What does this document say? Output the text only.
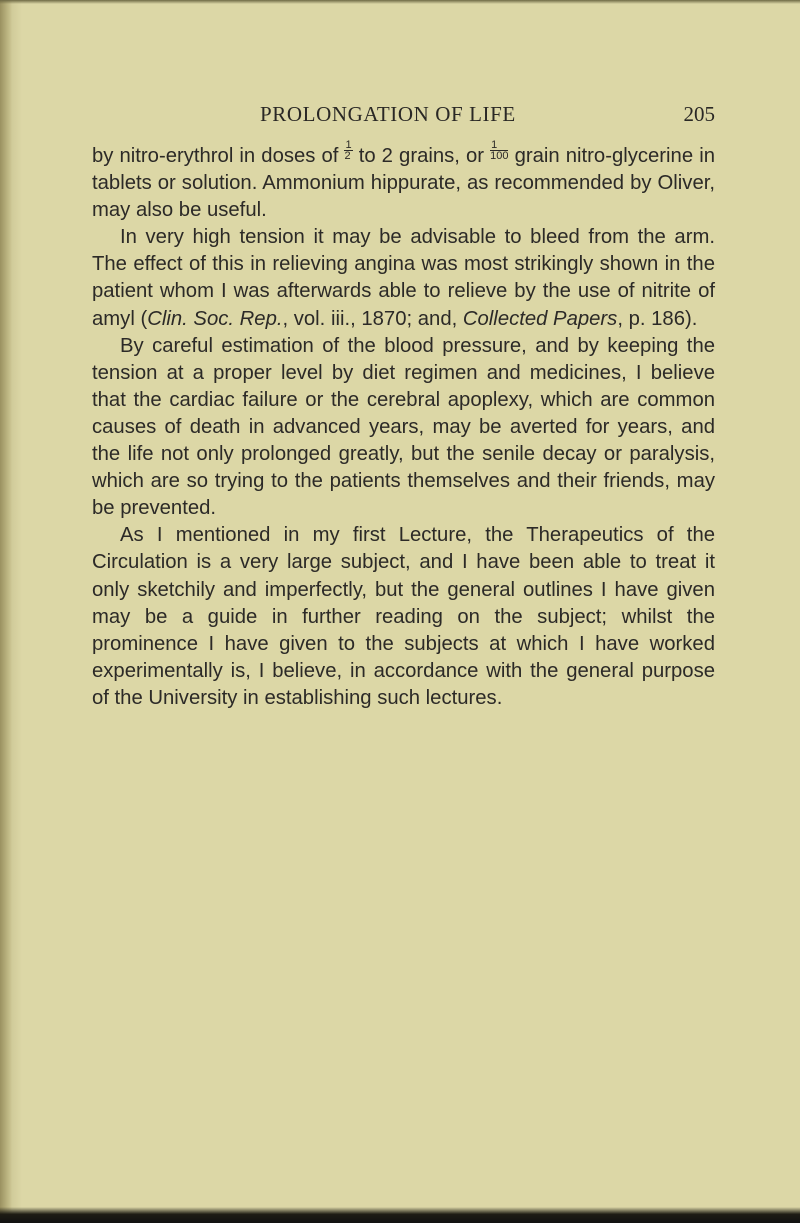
PROLONGATION OF LIFE	205

by nitro-erythrol in doses of $\frac{1}{2}$ to 2 grains, or $\frac{1}{100}$ grain nitro-glycerine in tablets or solution. Ammonium hippurate, as recommended by Oliver, may also be useful.

In very high tension it may be advisable to bleed from the arm. The effect of this in relieving angina was most strikingly shown in the patient whom I was afterwards able to relieve by the use of nitrite of amyl (Clin. Soc. Rep., vol. iii., 1870; and, Collected Papers, p. 186).

By careful estimation of the blood pressure, and by keeping the tension at a proper level by diet regimen and medicines, I believe that the cardiac failure or the cerebral apoplexy, which are common causes of death in advanced years, may be averted for years, and the life not only prolonged greatly, but the senile decay or paralysis, which are so trying to the patients themselves and their friends, may be prevented.

As I mentioned in my first Lecture, the Therapeutics of the Circulation is a very large subject, and I have been able to treat it only sketchily and imperfectly, but the general outlines I have given may be a guide in further reading on the subject; whilst the prominence I have given to the subjects at which I have worked experimentally is, I believe, in accordance with the general purpose of the University in establishing such lectures.
